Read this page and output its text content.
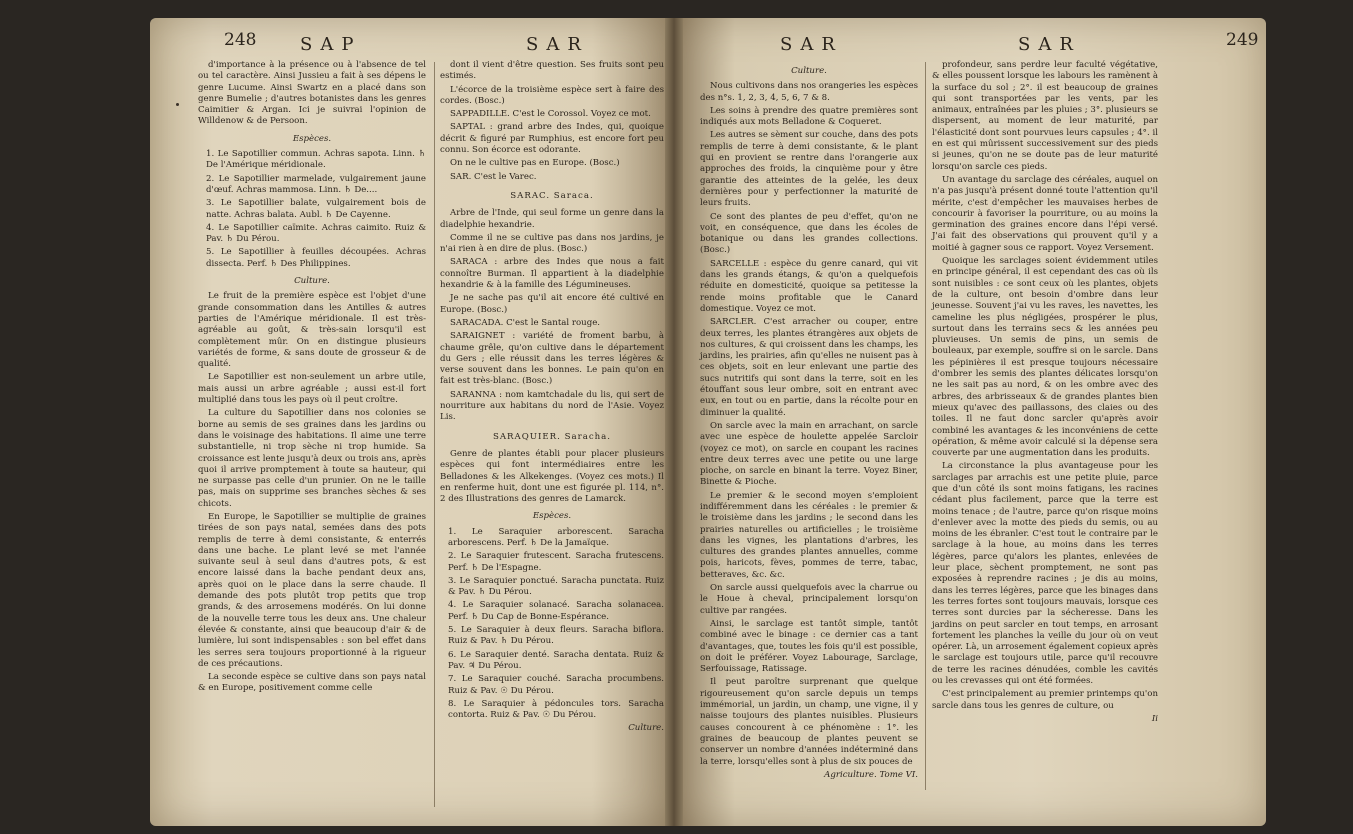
248 SAP	SAR

d'importance à la présence ou à l'absence de tel ou tel caractère. Ainsi Jussieu a fait à ses dépens le genre Lucume. Ainsi Swartz en a placé dans son genre Bumelie ; d'autres botanistes dans les genres Caimitier & Argan. Ici je suivrai l'opinion de Willdenow & de Persoon.

Espèces.

1. Le Sapotillier commun. Achras sapota. Linn. ♄ De l'Amérique méridionale.

2. Le Sapotillier marmelade, vulgairement jaune d'œuf. Achras mammosa. Linn. ♄ De....

3. Le Sapotillier balate, vulgairement bois de natte. Achras balata. Aubl. ♄ De Cayenne.

4. Le Sapotillier caïmite. Achras caimito. Ruiz & Pav. ♄ Du Pérou.

5. Le Sapotillier à feuilles découpées. Achras dissecta. Perf. ♄ Des Philippines.

Culture.

Le fruit de la première espèce est l'objet d'une grande consommation dans les Antilles & autres parties de l'Amérique méridionale. Il est très-agréable au goût, & très-sain lorsqu'il est complètement mûr. On en distingue plusieurs variétés de forme, & sans doute de grosseur & de qualité.

Le Sapotillier est non-seulement un arbre utile, mais aussi un arbre agréable ; aussi est-il fort multiplié dans tous les pays où il peut croître.

La culture du Sapotillier dans nos colonies se borne au semis de ses graines dans les jardins ou dans le voisinage des habitations. Il aime une terre substantielle, ni trop sèche ni trop humide. Sa croissance est lente jusqu'à deux ou trois ans, après quoi il arrive promptement à toute sa hauteur, qui ne surpasse pas celle d'un prunier. On ne le taille pas, mais on supprime ses branches sèches & ses chicots.

En Europe, le Sapotillier se multiplie de graines tirées de son pays natal, semées dans des pots remplis de terre à demi consistante, & enterrés dans une bache. Le plant levé se met l'année suivante seul à seul dans d'autres pots, & est encore laissé dans la bache pendant deux ans, après quoi on le place dans la serre chaude. Il demande des pots plutôt trop petits que trop grands, & des arrosemens modérés. On lui donne de la nouvelle terre tous les deux ans. Une chaleur élevée & constante, ainsi que beaucoup d'air & de lumière, lui sont indispensables : son bel effet dans les serres sera toujours proportionné à la rigueur de ces précautions.

La seconde espèce se cultive dans son pays natal & en Europe, positivement comme celle

dont il vient d'être question. Ses fruits sont peu estimés.

L'écorce de la troisième espèce sert à faire des cordes. (Bosc.)

SAPPADILLE. C'est le Corossol. Voyez ce mot.

SAPTAL : grand arbre des Indes, qui, quoique décrit & figuré par Rumphius, est encore fort peu connu. Son écorce est odorante.

On ne le cultive pas en Europe. (Bosc.)

SAR. C'est le Varec.

SARAC. Saraca.

Arbre de l'Inde, qui seul forme un genre dans la diadelphie hexandrie.

Comme il ne se cultive pas dans nos jardins, je n'ai rien à en dire de plus. (Bosc.)

SARACA : arbre des Indes que nous a fait connoître Burman. Il appartient à la diadelphie hexandrie & à la famille des Légumineuses.

Je ne sache pas qu'il ait encore été cultivé en Europe. (Bosc.)

SARACADA. C'est le Santal rouge.

SARAIGNET : variété de froment barbu, à chaume grêle, qu'on cultive dans le département du Gers ; elle réussit dans les terres légères & verse souvent dans les bonnes. Le pain qu'on en fait est très-blanc. (Bosc.)

SARANNA : nom kamtchadale du lis, qui sert de nourriture aux habitans du nord de l'Asie. Voyez Lis.

SARAQUIER. Saracha.

Genre de plantes établi pour placer plusieurs espèces qui font intermédiaires entre les Belladones & les Alkekenges. (Voyez ces mots.) Il en renferme huit, dont une est figurée pl. 114, n°. 2 des Illustrations des genres de Lamarck.

Espèces.

1. Le Saraquier arborescent. Saracha arborescens. Perf. ♄ De la Jamaïque.

2. Le Saraquier frutescent. Saracha frutescens. Perf. ♄ De l'Espagne.

3. Le Saraquier ponctué. Saracha punctata. Ruiz & Pav. ♄ Du Pérou.

4. Le Saraquier solanacé. Saracha solanacea. Perf. ♄ Du Cap de Bonne-Espérance.

5. Le Saraquier à deux fleurs. Saracha biflora. Ruiz & Pav. ♄ Du Pérou.

6. Le Saraquier denté. Saracha dentata. Ruiz & Pav. ♃ Du Pérou.

7. Le Saraquier couché. Saracha procumbens. Ruiz & Pav. ☉ Du Pérou.

8. Le Saraquier à pédoncules tors. Saracha contorta. Ruiz & Pav. ☉ Du Pérou.

Culture.

SAR	SAR	249

Culture.

Nous cultivons dans nos orangeries les espèces des n°s. 1, 2, 3, 4, 5, 6, 7 & 8.

Les soins à prendre des quatre premières sont indiqués aux mots Belladone & Coqueret.

Les autres se sèment sur couche, dans des pots remplis de terre à demi consistante, & le plant qui en provient se rentre dans l'orangerie aux approches des froids, la cinquième pour y être garantie des atteintes de la gelée, les deux dernières pour y perfectionner la maturité de leurs fruits.

Ce sont des plantes de peu d'effet, qu'on ne voit, en conséquence, que dans les écoles de botanique ou dans les grandes collections. (Bosc.)

SARCELLE : espèce du genre canard, qui vit dans les grands étangs, & qu'on a quelquefois réduite en domesticité, quoique sa petitesse la rende moins profitable que le Canard domestique. Voyez ce mot.

SARCLER. C'est arracher ou couper, entre deux terres, les plantes étrangères aux objets de nos cultures, & qui croissent dans les champs, les jardins, les prairies, afin qu'elles ne nuisent pas à ces objets, soit en leur enlevant une partie des sucs nutritifs qui sont dans la terre, soit en les étouffant sous leur ombre, soit en entrant avec eux, en tout ou en partie, dans la récolte pour en diminuer la qualité.

On sarcle avec la main en arrachant, on sarcle avec une espèce de houlette appelée Sarcloir (voyez ce mot), on sarcle en coupant les racines entre deux terres avec une petite ou une large pioche, on sarcle en binant la terre. Voyez Biner, Binette & Pioche.

Le premier & le second moyen s'emploient indifféremment dans les céréales : le premier & le troisième dans les jardins ; le second dans les prairies naturelles ou artificielles ; le troisième dans les vignes, les plantations d'arbres, les cultures des grandes plantes annuelles, comme pois, haricots, fèves, pommes de terre, tabac, betteraves, &c. &c.

On sarcle aussi quelquefois avec la charrue ou le Houe à cheval, principalement lorsqu'on cultive par rangées.

Ainsi, le sarclage est tantôt simple, tantôt combiné avec le binage : ce dernier cas a tant d'avantages, que, toutes les fois qu'il est possible, on doit le préférer. Voyez Labourage, Sarclage, Serfouissage, Ratissage.

Il peut paroître surprenant que quelque rigoureusement qu'on sarcle depuis un temps immémorial, un jardin, un champ, une vigne, il y naisse toujours des plantes nuisibles. Plusieurs causes concourent à ce phénomène : 1°. les graines de beaucoup de plantes peuvent se conserver un nombre d'années indéterminé dans la terre, lorsqu'elles sont à plus de six pouces de

Agriculture. Tome VI.

profondeur, sans perdre leur faculté végétative, & elles poussent lorsque les labours les ramènent à la surface du sol ; 2°. il est beaucoup de graines qui sont transportées par les vents, par les animaux, entraînées par les pluies ; 3°. plusieurs se dispersent, au moment de leur maturité, par l'élasticité dont sont pourvues leurs capsules ; 4°. il en est qui mûrissent successivement sur des pieds si jeunes, qu'on ne se doute pas de leur maturité lorsqu'on sarcle ces pieds.

Un avantage du sarclage des céréales, auquel on n'a pas jusqu'à présent donné toute l'attention qu'il mérite, c'est d'empêcher les mauvaises herbes de concourir à favoriser la pourriture, ou au moins la germination des graines encore dans l'épi versé. J'ai fait des observations qui prouvent qu'il y a moitié à gagner sous ce rapport. Voyez Versement.

Quoique les sarclages soient évidemment utiles en principe général, il est cependant des cas où ils sont nuisibles : ce sont ceux où les plantes, objets de la culture, ont besoin d'ombre dans leur jeunesse. Souvent j'ai vu les raves, les navettes, les cameline les plus négligées, prospérer le plus, surtout dans les terrains secs & les années peu pluvieuses. Un semis de pins, un semis de bouleaux, par exemple, souffre si on le sarcle. Dans les pépinières il est presque toujours nécessaire d'ombrer les semis des plantes délicates lorsqu'on ne les sait pas au nord, & on les ombre avec des arbres, des arbrisseaux & de grandes plantes bien mieux qu'avec des paillassons, des claies ou des toiles. Il ne faut donc sarcler qu'après avoir combiné les avantages & les inconvéniens de cette opération, & même avoir calculé si la dépense sera couverte par une augmentation dans les produits.

La circonstance la plus avantageuse pour les sarclages par arrachis est une petite pluie, parce que d'un côté ils sont moins fatigans, les racines cédant plus facilement, parce que la terre est moins tenace ; de l'autre, parce qu'on risque moins d'enlever avec la motte des pieds du semis, ou au moins de les ébranler. C'est tout le contraire par le sarclage à la houe, au moins dans les terres légères, parce qu'alors les plantes, enlevées de leur place, sèchent promptement, ne sont pas exposées à reprendre racines ; je dis au moins, dans les terres légères, parce que les binages dans les terres fortes sont toujours mauvais, lorsque ces terres sont durcies par la sécheresse. Dans les jardins on peut sarcler en tout temps, en arrosant fortement les planches la veille du jour où on veut opérer. Là, un arrosement également copieux après le sarclage est toujours utile, parce qu'il recouvre de terre les racines dénudées, comble les cavités ou les crevasses qui ont été formées.

C'est principalement au premier printemps qu'on sarcle dans tous les genres de culture, ou

Ii
